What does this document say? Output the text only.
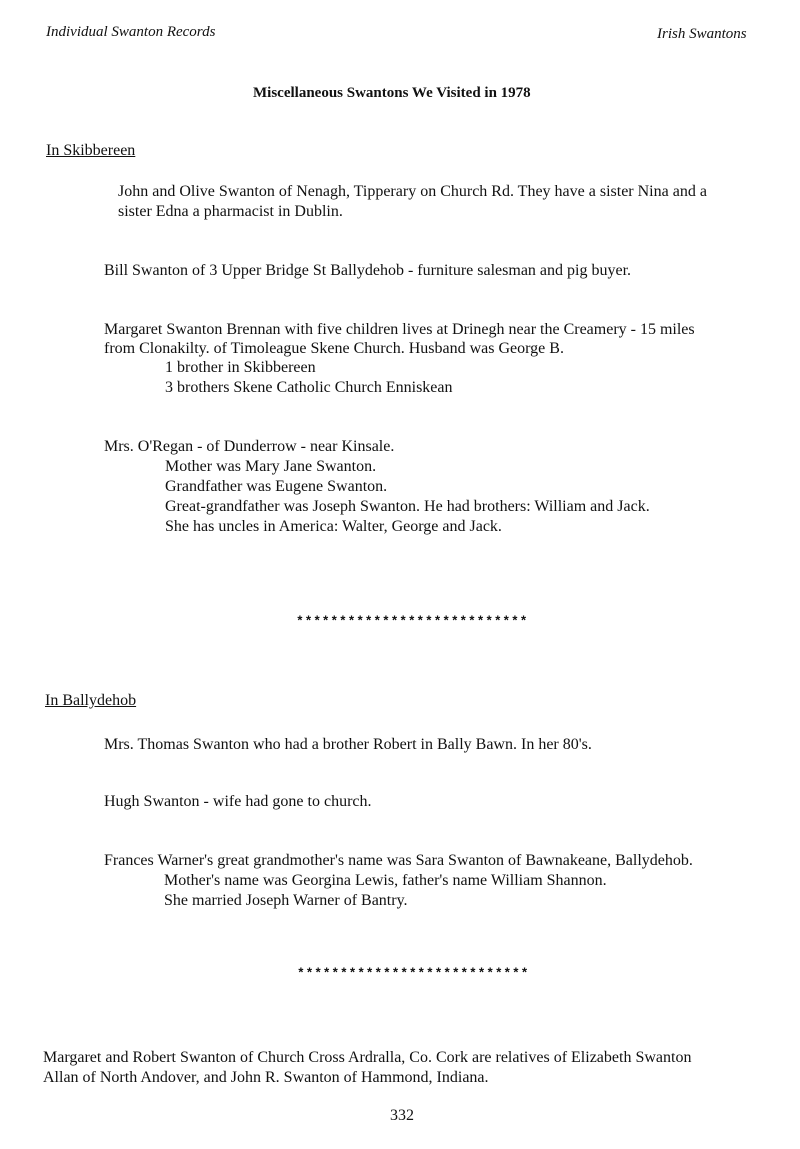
Individual Swanton Records	Irish Swantons
Miscellaneous Swantons We Visited in 1978
In Skibbereen
John and Olive Swanton of Nenagh, Tipperary on Church Rd. They have a sister Nina and a
sister Edna a pharmacist in Dublin.
Bill Swanton of 3 Upper Bridge St Ballydehob - furniture salesman and pig buyer.
Margaret Swanton Brennan with five children lives at Drinegh near the Creamery - 15 miles
from Clonakilty. of Timoleague Skene Church. Husband was George B.
1 brother in Skibbereen
3 brothers Skene Catholic Church Enniskean
Mrs. O'Regan - of Dunderrow - near Kinsale.
Mother was Mary Jane Swanton.
Grandfather was Eugene Swanton.
Great-grandfather was Joseph Swanton. He had brothers: William and Jack.
She has uncles in America: Walter, George and Jack.
***************************
In Ballydehob
Mrs. Thomas Swanton who had a brother Robert in Bally Bawn. In her 80's.
Hugh Swanton - wife had gone to church.
Frances Warner's great grandmother's name was Sara Swanton of Bawnakeane, Ballydehob.
Mother's name was Georgina Lewis, father's name William Shannon.
She married Joseph Warner of Bantry.
***************************
Margaret and Robert Swanton of Church Cross Ardralla, Co. Cork are relatives of Elizabeth Swanton
Allan of North Andover, and John R. Swanton of Hammond, Indiana.
332
